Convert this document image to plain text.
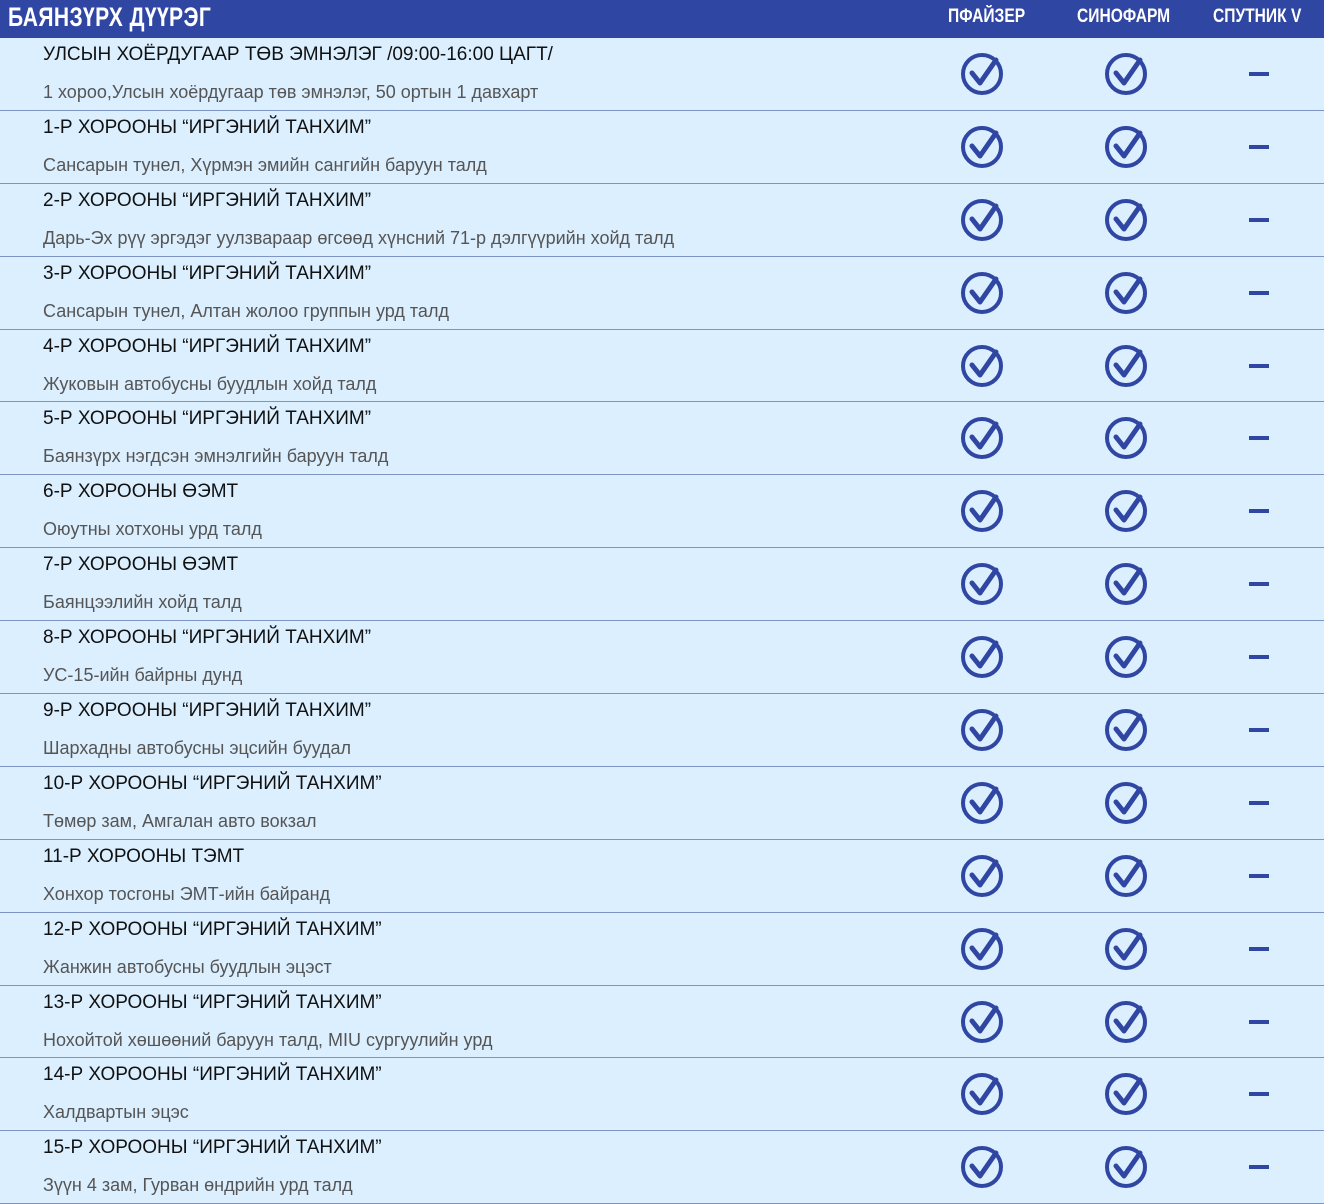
БАЯНЗҮРХ ДҮҮРЭГ	ПФАЙЗЕР	СИНОФАРМ СПУТНИК V
УЛСЫН ХОЁРДУГААР ТӨВ ЭМНЭЛЭГ /09:00-16:00 ЦАГТ/
1 хороо,Улсын хоёрдугаар төв эмнэлэг, 50 ортын 1 давхарт
1-Р ХОРООНЫ “ИРГЭНИЙ ТАНХИМ”
Сансарын тунел, Хүрмэн эмийн сангийн баруун талд
2-Р ХОРООНЫ “ИРГЭНИЙ ТАНХИМ”
Дарь-Эх рүү эргэдэг уулзвараар өгсөөд хүнсний 71-р дэлгүүрийн хойд талд
3-Р ХОРООНЫ “ИРГЭНИЙ ТАНХИМ”
Сансарын тунел, Алтан жолоо группын урд талд
4-Р ХОРООНЫ “ИРГЭНИЙ ТАНХИМ”
Жуковын автобусны буудлын хойд талд
5-Р ХОРООНЫ “ИРГЭНИЙ ТАНХИМ”
Баянзүрх нэгдсэн эмнэлгийн баруун талд
6-Р ХОРООНЫ ӨЭМТ
Оюутны хотхоны урд талд
7-Р ХОРООНЫ ӨЭМТ
Баянцээлийн хойд талд
8-Р ХОРООНЫ “ИРГЭНИЙ ТАНХИМ”
УС-15-ийн байрны дунд
9-Р ХОРООНЫ “ИРГЭНИЙ ТАНХИМ”
Шархадны автобусны эцсийн буудал
10-Р ХОРООНЫ “ИРГЭНИЙ ТАНХИМ”
Төмөр зам, Амгалан авто вокзал
11-Р ХОРООНЫ ТЭМТ
Хонхор тосгоны ЭМТ-ийн байранд
12-Р ХОРООНЫ “ИРГЭНИЙ ТАНХИМ”
Жанжин автобусны буудлын эцэст
13-Р ХОРООНЫ “ИРГЭНИЙ ТАНХИМ”
Нохойтой хөшөөний баруун талд, MIU сургуулийн урд
14-Р ХОРООНЫ “ИРГЭНИЙ ТАНХИМ”
Халдвартын эцэс
15-Р ХОРООНЫ “ИРГЭНИЙ ТАНХИМ”
Зүүн 4 зам, Гурван өндрийн урд талд
